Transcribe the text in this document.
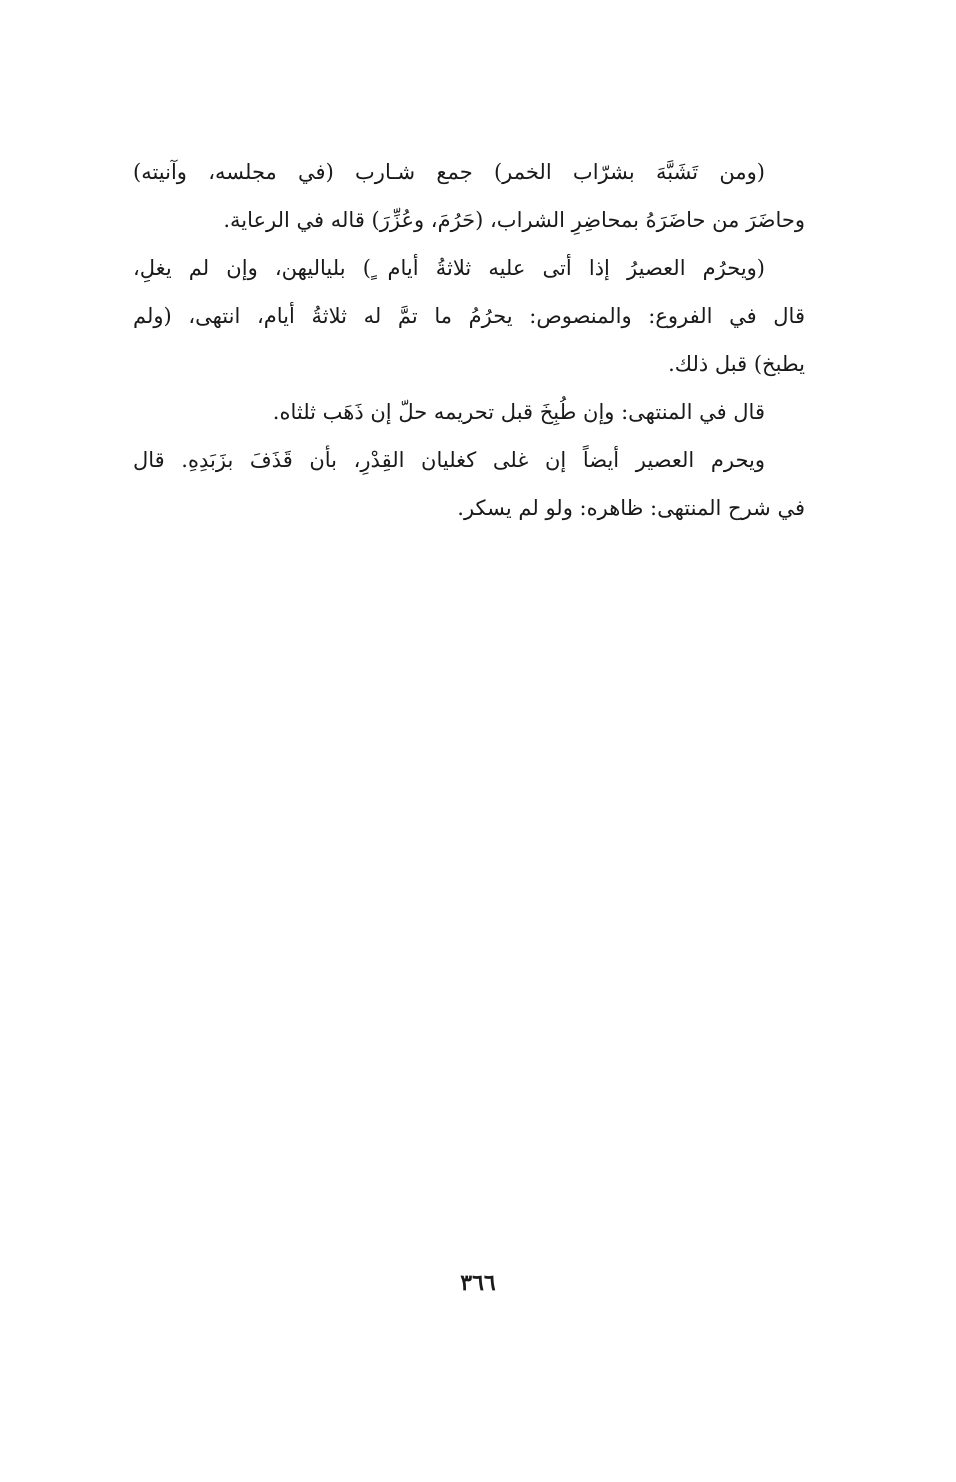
(ومن تَشَبَّهَ بشرّاب الخمر) جمع شـارب (في مجلسه، وآنيته)
وحاضَرَ من حاضَرَهُ بمحاضِرِ الشراب، (حَرُمَ، وعُزِّرَ) قاله في الرعاية.
(ويحرُم العصيرُ إذا أتى عليه ثلاثةُ أيام ٍ) بلياليهن، وإن لم يغلِ،
قال في الفروع: والمنصوص: يحرُمُ ما تمَّ له ثلاثةُ أيام، انتهى، (ولم
يطبخ) قبل ذلك.
قال في المنتهى: وإن طُبِخَ قبل تحريمه حلّ إن ذَهَب ثلثاه.
ويحرم العصير أيضاً إن غلى كغليان القِدْرِ، بأن قَذَفَ بزَبَدِهِ. قال
في شرح المنتهى: ظاهره: ولو لم يسكر.
٣٦٦
